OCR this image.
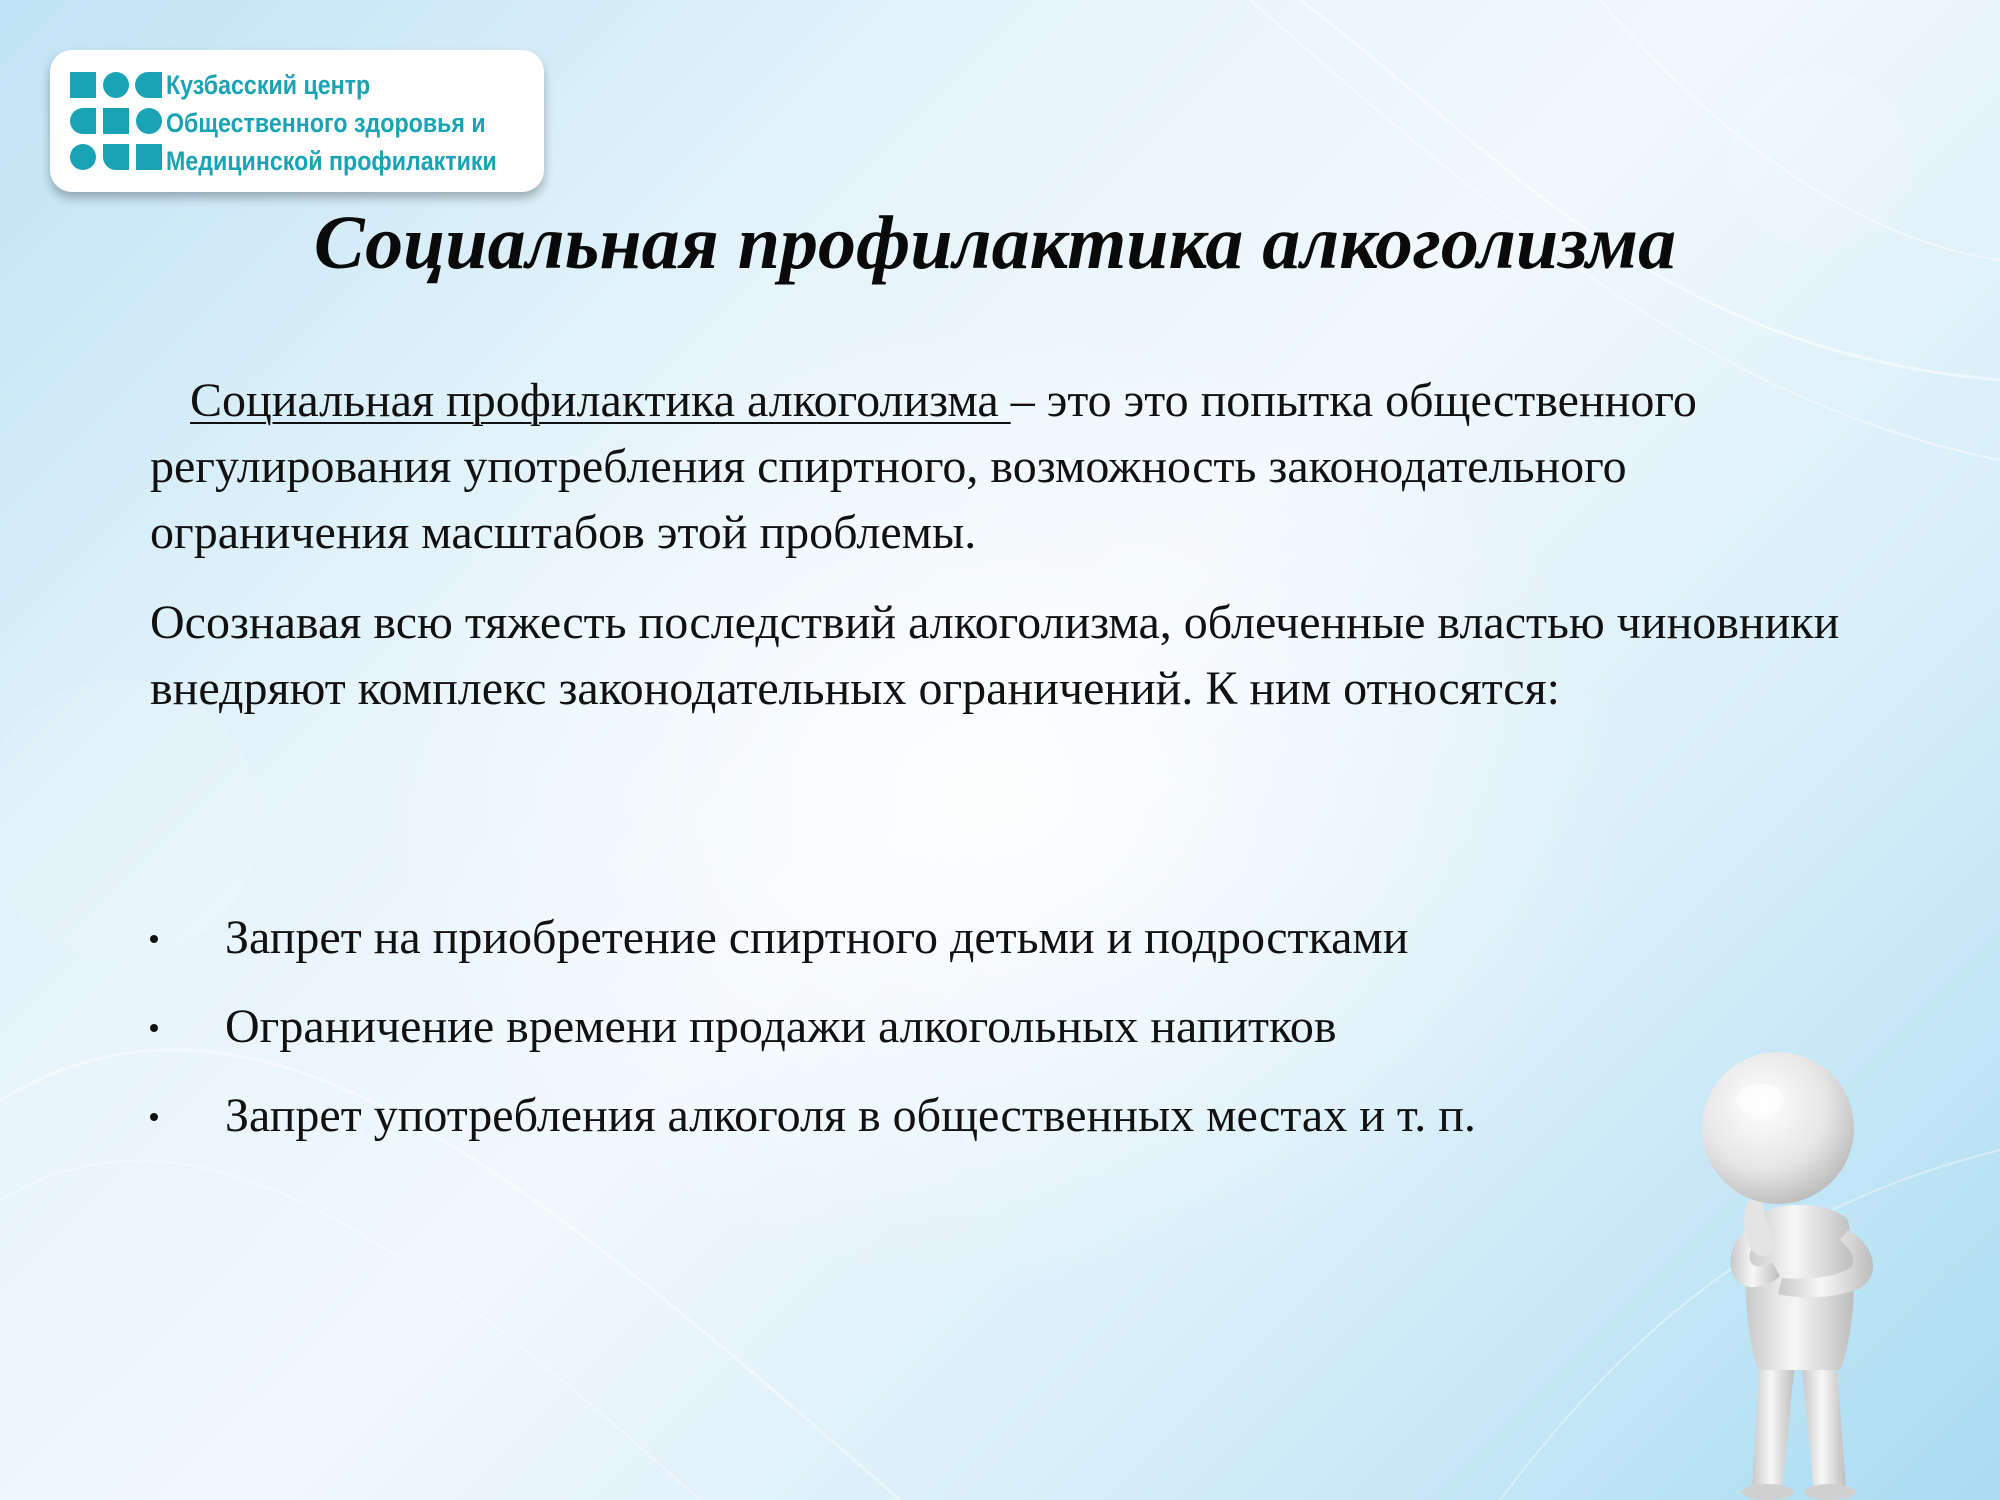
Кузбасский центр
Общественного здоровья и
Медицинской профилактики
Социальная профилактика алкоголизма

Социальная профилактика алкоголизма – это это попытка общественного регулирования употребления спиртного, возможность законодательного ограничения масштабов этой проблемы.

Осознавая всю тяжесть последствий алкоголизма, облеченные властью чиновники внедряют комплекс законодательных ограничений. К ним относятся:

Запрет на приобретение спиртного детьми и подростками
Ограничение времени продажи алкогольных напитков
Запрет употребления алкоголя в общественных местах и т. п.
